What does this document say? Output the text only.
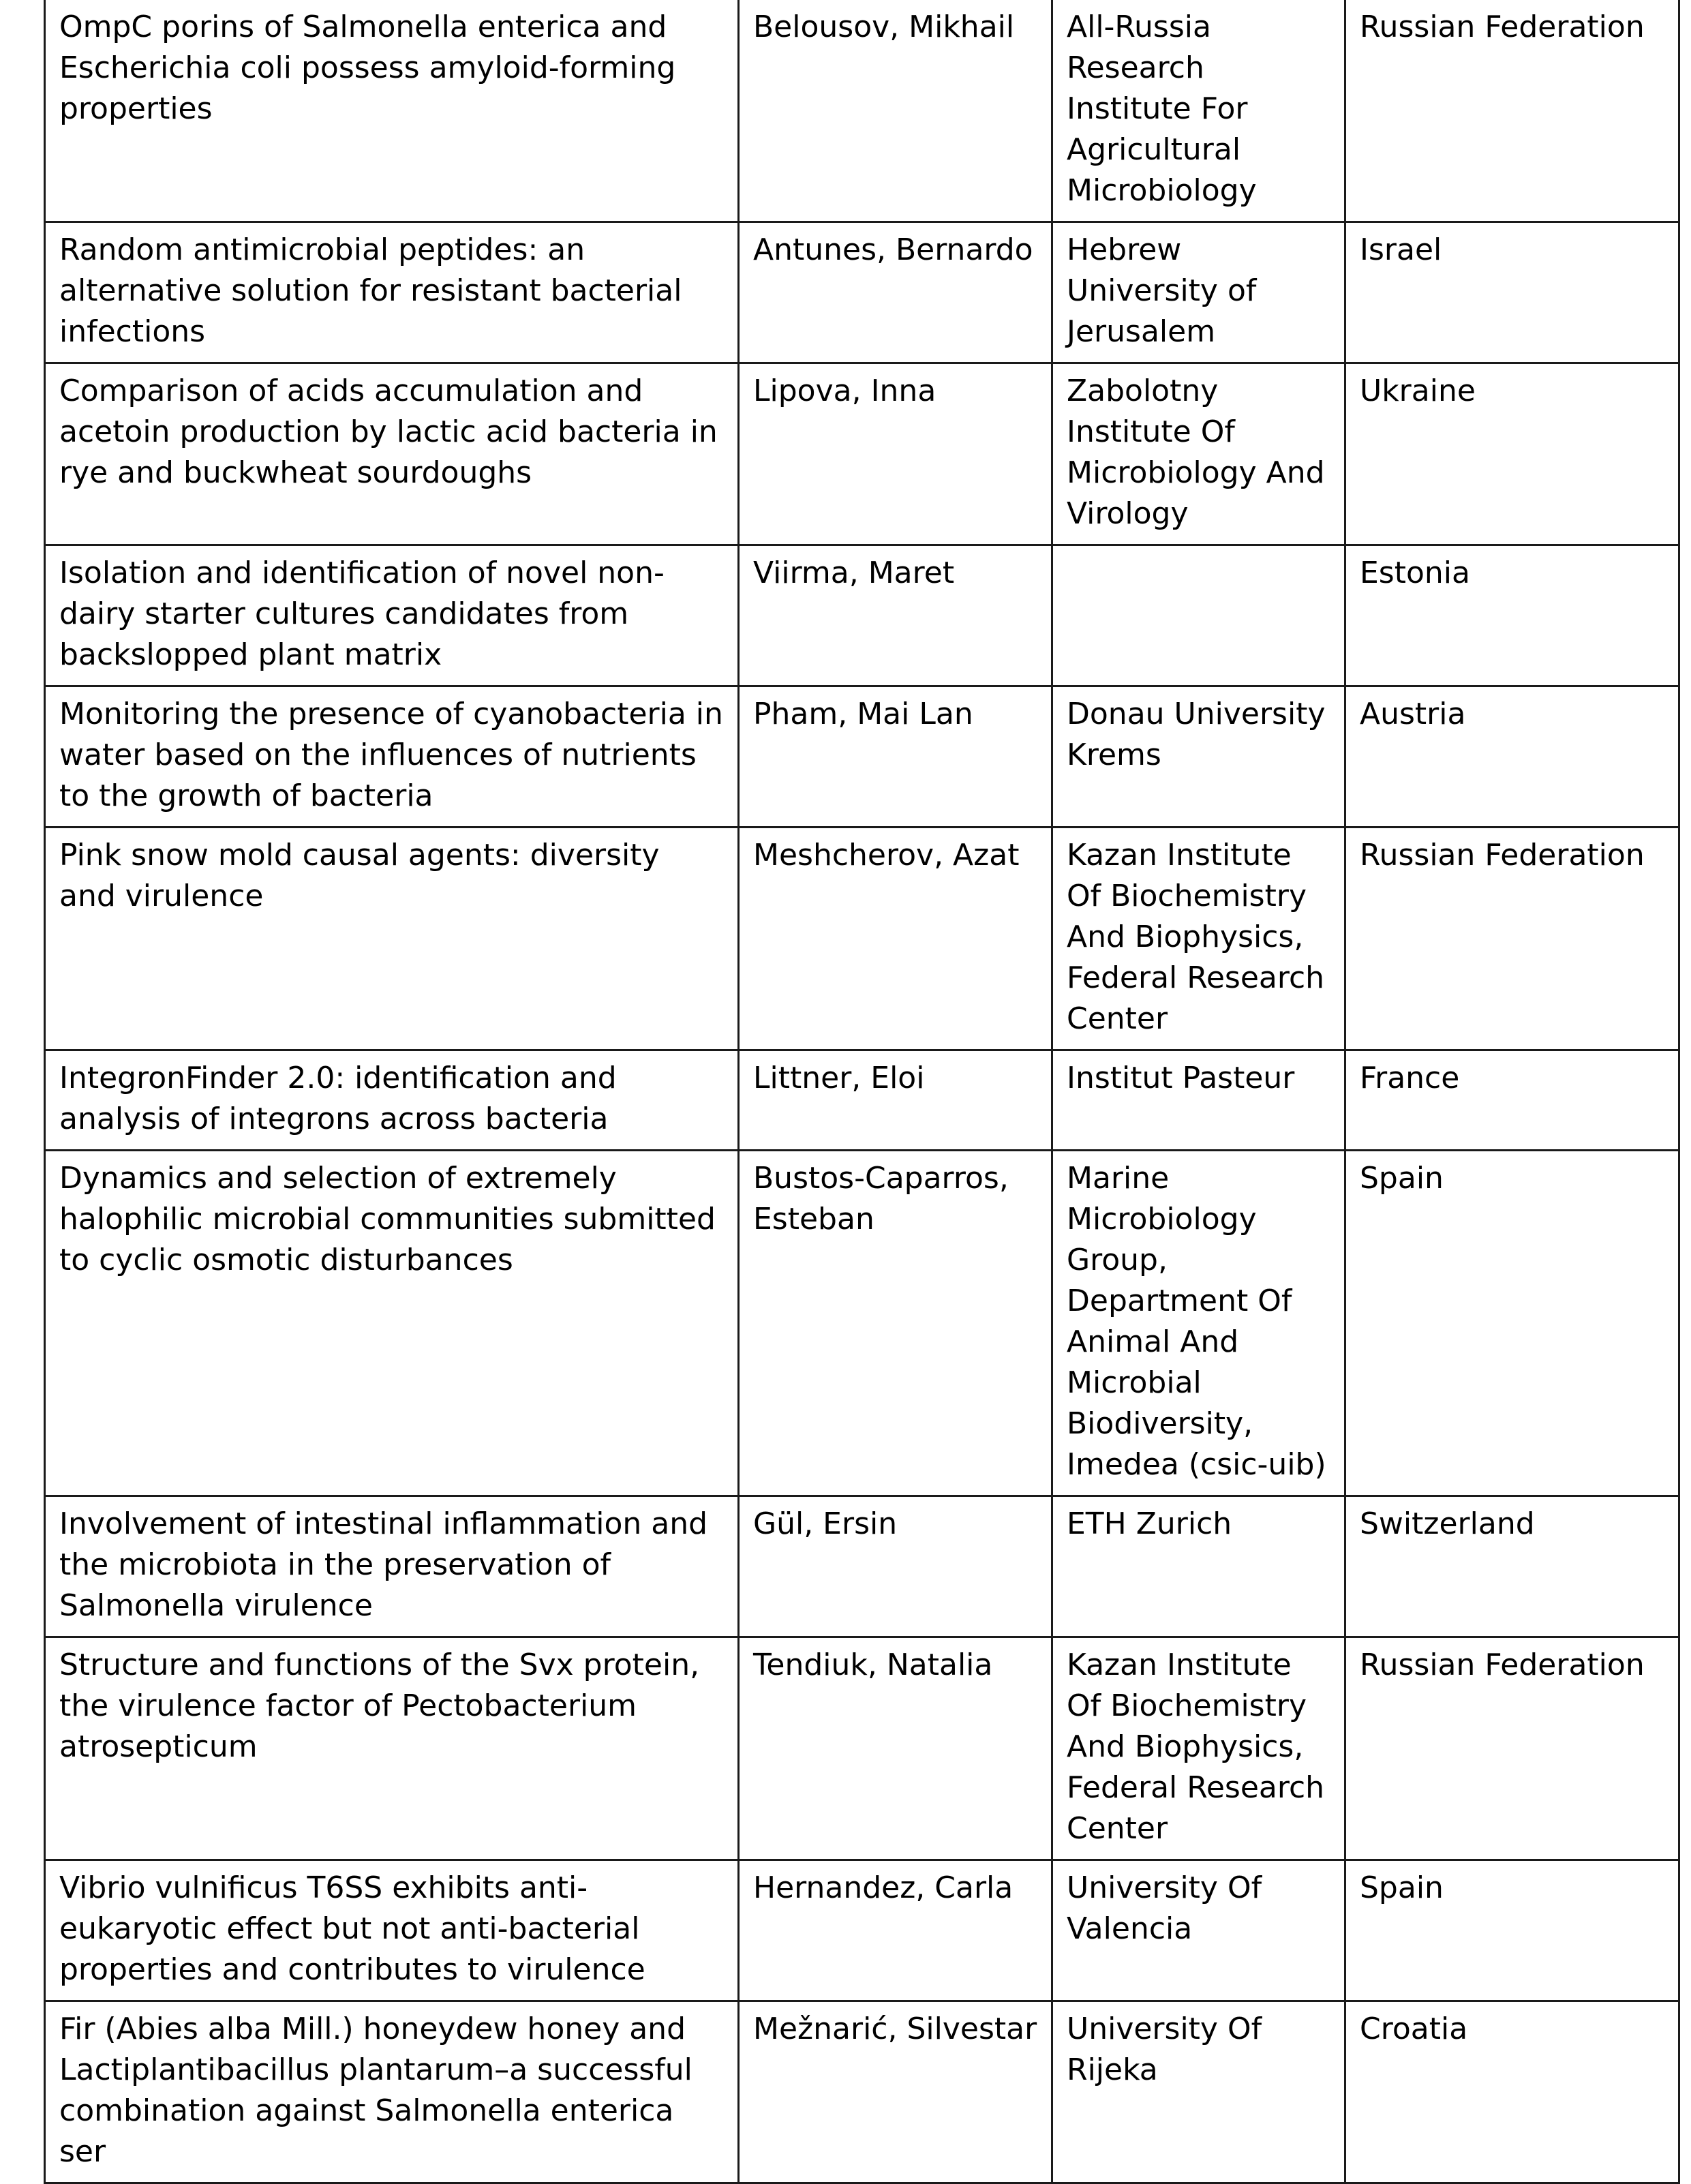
OmpC porins of Salmonella enterica and Escherichia coli possess amyloid-forming properties	Belousov, Mikhail	All-Russia Research Institute For Agricultural Microbiology	Russian Federation
Random antimicrobial peptides: an alternative solution for resistant bacterial infections	Antunes, Bernardo	Hebrew University of Jerusalem	Israel
Comparison of acids accumulation and acetoin production by lactic acid bacteria in rye and buckwheat sourdoughs	Lipova, Inna	Zabolotny Institute Of Microbiology And Virology	Ukraine
Isolation and identification of novel non-dairy starter cultures candidates from backslopped plant matrix	Viirma, Maret		Estonia
Monitoring the presence of cyanobacteria in water based on the influences of nutrients to the growth of bacteria	Pham, Mai Lan	Donau University Krems	Austria
Pink snow mold causal agents: diversity and virulence	Meshcherov, Azat	Kazan Institute Of Biochemistry And Biophysics, Federal Research Center	Russian Federation
IntegronFinder 2.0: identification and analysis of integrons across bacteria	Littner, Eloi	Institut Pasteur	France
Dynamics and selection of extremely halophilic microbial communities submitted to cyclic osmotic disturbances	Bustos-Caparros, Esteban	Marine Microbiology Group, Department Of Animal And Microbial Biodiversity, Imedea (csic-uib)	Spain
Involvement of intestinal inflammation and the microbiota in the preservation of Salmonella virulence	Gül, Ersin	ETH Zurich	Switzerland
Structure and functions of the Svx protein, the virulence factor of Pectobacterium atrosepticum	Tendiuk, Natalia	Kazan Institute Of Biochemistry And Biophysics, Federal Research Center	Russian Federation
Vibrio vulnificus T6SS exhibits anti-eukaryotic effect but not anti-bacterial properties and contributes to virulence	Hernandez, Carla	University Of Valencia	Spain
Fir (Abies alba Mill.) honeydew honey and Lactiplantibacillus plantarum–a successful combination against Salmonella enterica ser	Mežnarić, Silvestar	University Of Rijeka	Croatia
